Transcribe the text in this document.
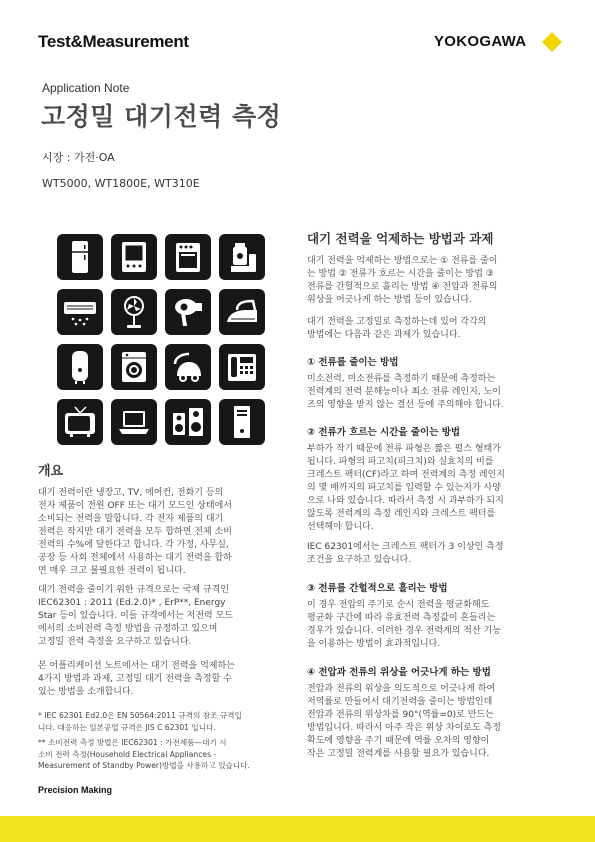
Test&Measurement	YOKOGAWA
Application Note
고정밀 대기전력 측정
시장 : 가전·OA
WT5000, WT1800E, WT310E
개요
대기 전력이란 냉장고, TV, 에어컨, 전화기 등의
전자 제품이 전원 OFF 또는 대기 모드인 상태에서
소비되는 전력을 말합니다. 각 전자 제품의 대기
전력은 작지만 대기 전력을 모두 합하면 전체 소비
전력의 수%에 달한다고 합니다. 각 가정, 사무실,
공장 등 사회 전체에서 사용하는 대기 전력을 합하
면 매우 크고 불필요한 전력이 됩니다.
대기 전력을 줄이기 위한 규격으로는 국제 규격인
IEC62301 : 2011 (Ed.2.0)* , ErP**, Energy
Star 등이 있습니다. 이들 규격에서는 저전력 모드
에서의 소비전력 측정 방법을 규정하고 있으며
고정밀 전력 측정을 요구하고 있습니다.
본 어플리케이션 노트에서는 대기 전력을 억제하는
4가지 방법과 과제, 고정밀 대기 전력을 측정할 수
있는 방법을 소개합니다.
* IEC 62301 Ed2.0은 EN 50564:2011 규격의 참조 규격입
니다. 대응하는 일본공업 규격은 JIS C 62301 입니다.
** 소비전력 측정 방법은 IEC62301 : 가전제품—대기 시
소비 전력 측정(Household Electrical Appliances -
Measurement of Standby Power)방법을 사용하고 있습니다.
대기 전력을 억제하는 방법과 과제
대기 전력을 억제하는 방법으로는 ① 전류를 줄이
는 방법 ② 전류가 흐르는 시간을 줄이는 방법 ③
전류를 간헐적으로 흘리는 방법 ④ 전압과 전류의
위상을 어긋나게 하는 방법 등이 있습니다.
대기 전력을 고정밀로 측정하는데 있어 각각의
방법에는 다음과 같은 과제가 있습니다.
① 전류를 줄이는 방법
미소전력, 미소전류를 측정하기 때문에 측정하는
전력계의 전력 분해능이나 최소 전류 레인지, 노이
즈의 영향을 받지 않는 결선 등에 주의해야 합니다.
② 전류가 흐르는 시간을 줄이는 방법
부하가 작기 때문에 전류 파형은 짧은 펄스 형태가
됩니다. 파형의 파고치(피크치)와 실효치의 비를
크레스트 팩터(CF)라고 하며 전력계의 측정 레인지
의 몇 배까지의 파고치를 입력할 수 있는지가 사양
으로 나와 있습니다. 따라서 측정 시 과부하가 되지
않도록 전력계의 측정 레인지와 크레스트 팩터를
선택해야 합니다.
IEC 62301에서는 크레스트 팩터가 3 이상인 측정
조건을 요구하고 있습니다.
③ 전류를 간헐적으로 흘리는 방법
이 경우 전압의 주기로 순시 전력을 평균화해도
평균화 구간에 따라 유효전력 측정값이 흔들리는
경우가 있습니다. 이러한 경우 전력계의 적산 기능
을 이용하는 방법이 효과적입니다.
④ 전압과 전류의 위상을 어긋나게 하는 방법
전압과 전류의 위상을 의도적으로 어긋나게 하여
저역률로 만들어서 대기전력을 줄이는 방법인데
전압과 전류의 위상차를 90°(역률=0)로 만드는
방법입니다. 따라서 아주 작은 위상 차이로도 측정
확도에 영향을 주기 때문에 역률 오차의 영향이
작은 고정밀 전력계를 사용할 필요가 있습니다.
Precision Making
